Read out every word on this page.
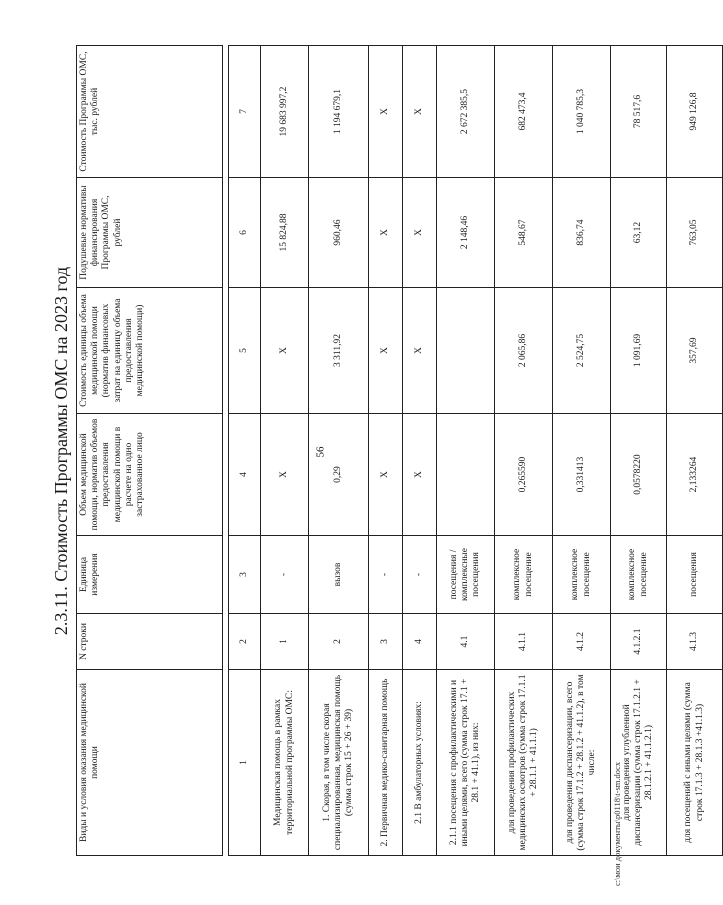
56
2.3.11. Стоимость Программы ОМС на 2023 год
Виды и условия оказания медицинской помощи	N строки	Единица измерения	Объем медицинской помощи, норматив объемов предоставления медицинской помощи в расчете на одно застрахованное лицо	Стоимость единицы объема медицинской помощи (норматив финансовых затрат на единицу объема предоставления медицинской помощи)	Подушевые нормативы финансирования Программы ОМС, рублей	Стоимость Программы ОМС, тыс. рублей

1	2	3	4	5	6	7
Медицинская помощь в рамках территориальной программы ОМС:	1	-	Х	Х	15 824,88	19 683 997,2
1. Скорая, в том числе скорая специализированная, медицинская помощь (сумма строк 15 + 26 + 39)	2	вызов	0,29	3 311,92	960,46	1 194 679,1
2. Первичная медико-санитарная помощь	3	-	Х	Х	Х	Х
2.1 В амбулаторных условиях:	4	-	Х	Х	Х	Х
2.1.1 посещения с профилактическими и иными целями, всего (сумма строк 17.1 + 28.1 + 41.1), из них:	4.1	посещения /комплексные посещения			2 148,46	2 672 385,5
для проведения профилактических медицинских осмотров (сумма строк 17.1.1 + 28.1.1 + 41.1.1)	4.1.1	комплексное посещение	0,265590	2 065,86	548,67	682 473,4
для проведения диспансеризации, всего (сумма строк 17.1.2 + 28.1.2 + 41.1.2), в том числе:	4.1.2	комплексное посещение	0,331413	2 524,75	836,74	1 040 785,3
для проведения углубленной диспансеризации (сумма строк 17.1.2.1 + 28.1.2.1 + 41.1.2.1)	4.1.2.1	комплексное посещение	0,0578220	1 091,69	63,12	78 517,6
для посещений с иными целями (сумма строк 17.1.3 + 28.1.3 +41.1.3)	4.1.3	посещения	2,133264	357,69	763,05	949 126,8
c:\мои документы\p0118\t-sm.docx
